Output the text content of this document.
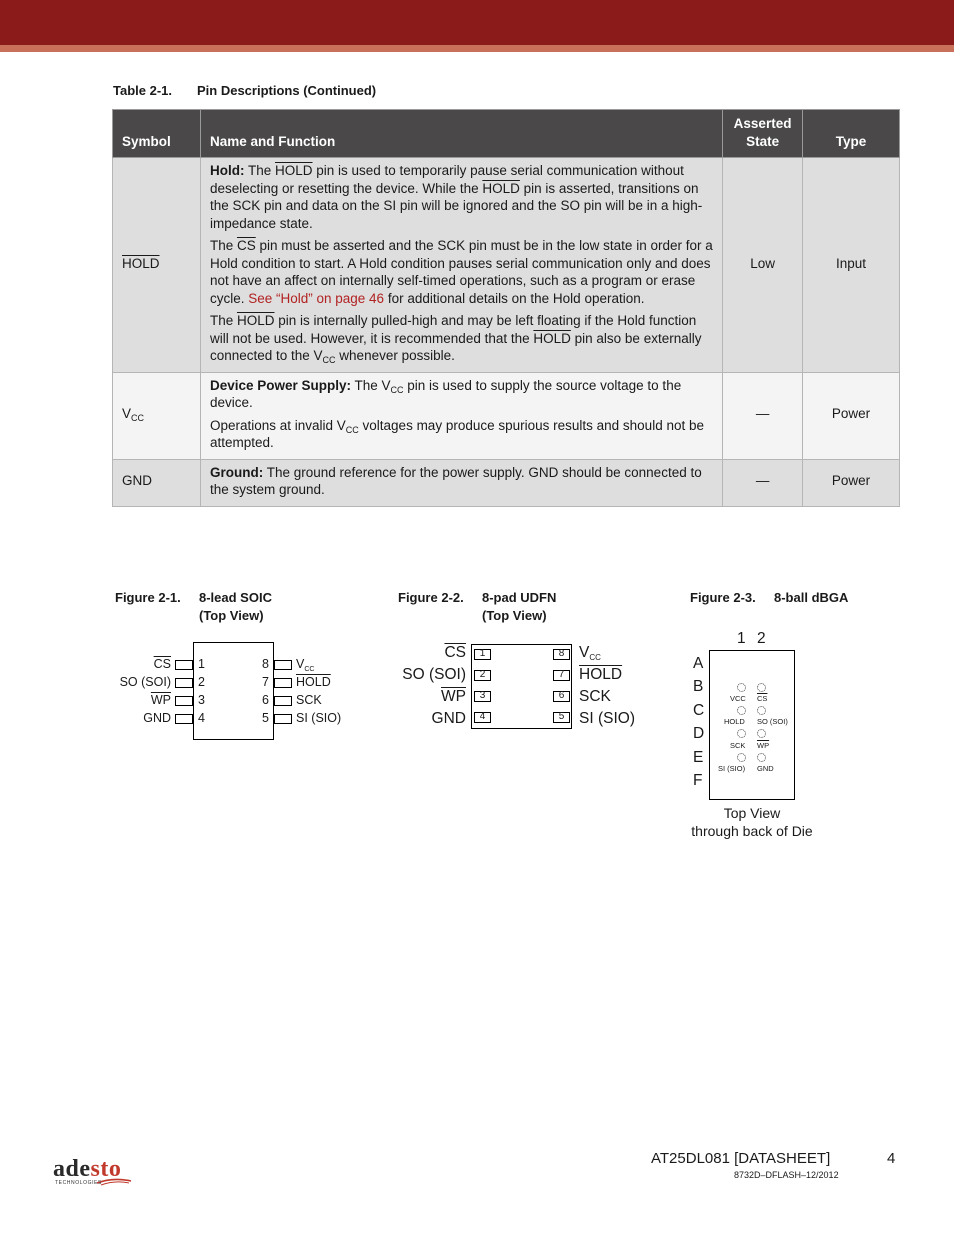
Table 2-1. Pin Descriptions (Continued)
Symbol	Name and Function	Asserted State	Type
HOLD	Hold: The HOLD pin is used to temporarily pause serial communication without deselecting or resetting the device. While the HOLD pin is asserted, transitions on the SCK pin and data on the SI pin will be ignored and the SO pin will be in a high-impedance state.

The $\overline{CS}$ pin must be asserted and the SCK pin must be in the low state in order for a Hold condition to start. A Hold condition pauses serial communication only and does not have an affect on internally self-timed operations, such as a program or erase cycle. See “Hold” on page 46 for additional details on the Hold operation.

The HOLD pin is internally pulled-high and may be left floating if the Hold function will not be used. However, it is recommended that the HOLD pin also be externally connected to the $V_{CC}$ whenever possible.	Low	Input
$V_{CC}$	Device Power Supply: The $V_{CC}$ pin is used to supply the source voltage to the device.

Operations at invalid $V_{CC}$ voltages may produce spurious results and should not be attempted.	—	Power
GND	Ground: The ground reference for the power supply. GND should be connected to the system ground.	—	Power
Figure 2-1. 8-lead SOIC
(Top View)
$\overline{CS}$
SO (SOI)
$\overline{WP}$
GND
1
2
3
4
8
7
6
5
$V_{CC}$
HOLD
SCK
SI (SIO)
Figure 2-2. 8-pad UDFN
(Top View)
$\overline{CS}$
SO (SOI)
$\overline{WP}$
GND
1
2
3
4
8
7
6
5
$V_{CC}$
HOLD
SCK
SI (SIO)
Figure 2-3. 8-ball dBGA
1 2
A
B
C
D
E
F
VCC $\overline{CS}$
HOLD SO (SOI)
SCK $\overline{WP}$
SI (SIO) GND
Top View
through back of Die
adesto
TECHNOLOGIES
AT25DL081 [DATASHEET]	4
8732D–DFLASH–12/2012
